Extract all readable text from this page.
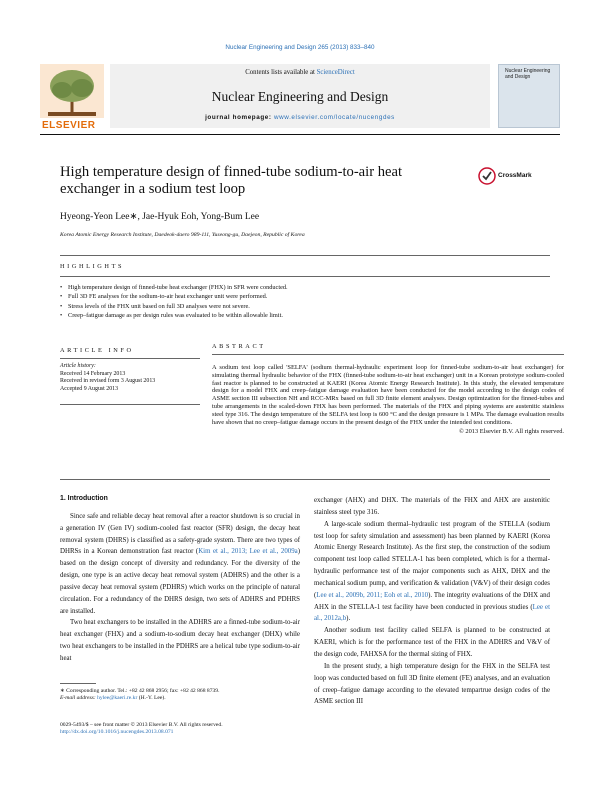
Nuclear Engineering and Design 265 (2013) 833–840
ELSEVIER
Contents lists available at ScienceDirect
Nuclear Engineering and Design
journal homepage: www.elsevier.com/locate/nucengdes
Nuclear Engineering and Design
High temperature design of finned-tube sodium-to-air heat exchanger in a sodium test loop
CrossMark
Hyeong-Yeon Lee∗, Jae-Hyuk Eoh, Yong-Bum Lee
Korea Atomic Energy Research Institute, Daedeok-daero 989-111, Yuseong-gu, Daejeon, Republic of Korea
HIGHLIGHTS
• High temperature design of finned-tube heat exchanger (FHX) in SFR were conducted.
• Full 3D FE analyses for the sodium-to-air heat exchanger unit were performed.
• Stress levels of the FHX unit based on full 3D analyses were not severe.
• Creep–fatigue damage as per design rules was evaluated to be within allowable limit.
ARTICLE INFO
ABSTRACT
Article history:
Received 14 February 2013
Received in revised form 3 August 2013
Accepted 9 August 2013
A sodium test loop called 'SELFA' (sodium thermal-hydraulic experiment loop for finned-tube sodium-to-air heat exchanger) for simulating thermal hydraulic behavior of the FHX (finned-tube sodium-to-air heat exchanger) unit in a Korean prototype sodium-cooled fast reactor is planned to be constructed at KAERI (Korea Atomic Energy Research Institute). In this study, the elevated temperature design for a model FHX and creep–fatigue damage evaluation have been conducted for the model according to the design codes of ASME section III subsection NH and RCC-MRx based on full 3D finite element analyses. Design optimization for the finned-tubes and tube arrangements in the scaled-down FHX has been performed. The materials of the FHX and piping systems are austenitic stainless steel type 316. The design temperature of the SELFA test loop is 600 °C and the design pressure is 1 MPa. The damage evaluation results have shown that no creep–fatigue damage occurs in the present design of the FHX under the intended test conditions.
© 2013 Elsevier B.V. All rights reserved.
1. Introduction

Since safe and reliable decay heat removal after a reactor shutdown is so crucial in a generation IV (Gen IV) sodium-cooled fast reactor (SFR) design, the decay heat removal system (DHRS) is classified as a safety-grade system. There are two types of DHRSs in a Korean demonstration fast reactor (Kim et al., 2013; Lee et al., 2009a) based on the design concept of diversity and redundancy. For the diversity of the design, one type is an active decay heat removal system (ADHRS) and the other is a passive decay heat removal system (PDHRS) which works on the principle of natural circulation. For a redundancy of the DHRS design, two sets of ADHRS and PDHRS are installed.

Two heat exchangers to be installed in the ADHRS are a finned-tube sodium-to-air heat exchanger (FHX) and a sodium-to-sodium decay heat exchanger (DHX) while two heat exchangers to be installed in the PDHRS are a helical tube type sodium-to-air heat

exchanger (AHX) and DHX. The materials of the FHX and AHX are austenitic stainless steel type 316.

A large-scale sodium thermal–hydraulic test program of the STELLA (sodium test loop for safety simulation and assessment) has been planned by KAERI (Korea Atomic Energy Research Institute). As the first step, the construction of the sodium component test loop called STELLA-1 has been completed, which is for a thermal-hydraulic performance test of the major components such as AHX, DHX and the mechanical sodium pump, and verification & validation (V&V) of their design codes (Lee et al., 2009b, 2011; Eoh et al., 2010). The integrity evaluations of the DHX and AHX in the STELLA-1 test facility have been conducted in previous studies (Lee et al., 2012a,b).

Another sodium test facility called SELFA is planned to be constructed at KAERI, which is for the performance test of the FHX in the ADHRS and V&V of the design code, FAHXSA for the thermal sizing of FHX.

In the present study, a high temperature design for the FHX in the SELFA test loop was conducted based on full 3D finite element (FE) analyses, and an evaluation of creep–fatigue damage according to the elevated tempartrue design codes of the ASME section III

∗ Corresponding author. Tel.: +82 42 868 2956; fax: +82 42 868 8739.
E-mail address: hylee@kaeri.re.kr (H.-Y. Lee).
0029-5493/$ – see front matter © 2013 Elsevier B.V. All rights reserved.
http://dx.doi.org/10.1016/j.nucengdes.2013.08.071
